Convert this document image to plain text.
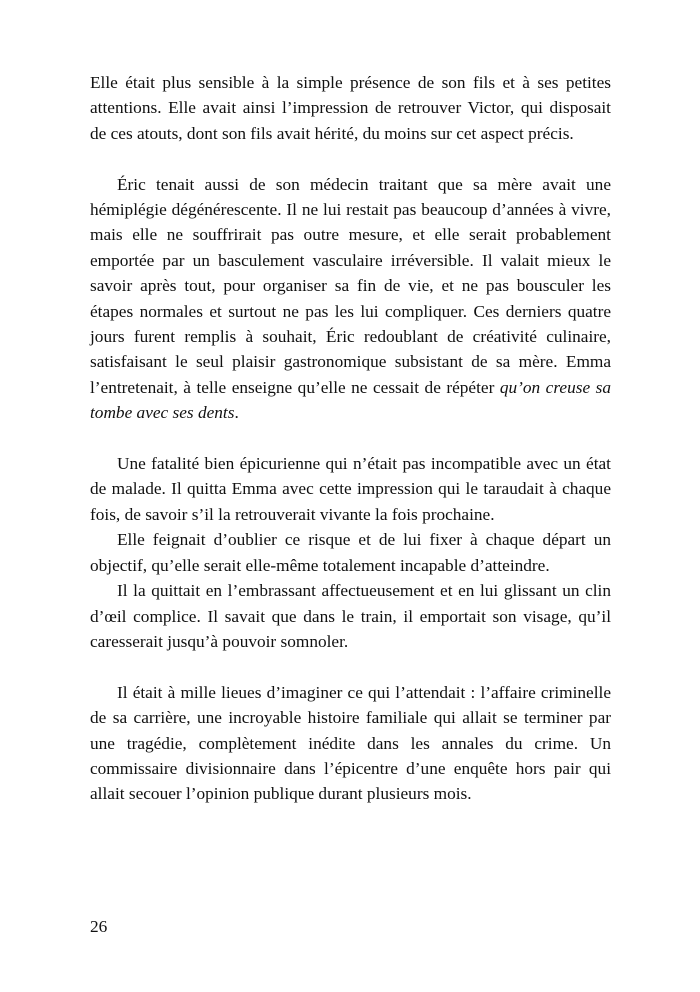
Elle était plus sensible à la simple présence de son fils et à ses petites attentions. Elle avait ainsi l’impression de retrouver Victor, qui disposait de ces atouts, dont son fils avait hérité, du moins sur cet aspect précis.

Éric tenait aussi de son médecin traitant que sa mère avait une hémiplégie dégénérescente. Il ne lui restait pas beaucoup d’années à vivre, mais elle ne souffrirait pas outre mesure, et elle serait probablement emportée par un basculement vasculaire irréversible. Il valait mieux le savoir après tout, pour organiser sa fin de vie, et ne pas bousculer les étapes normales et surtout ne pas les lui compliquer. Ces derniers quatre jours furent remplis à souhait, Éric redoublant de créativité culinaire, satisfaisant le seul plaisir gastronomique subsistant de sa mère. Emma l’entretenait, à telle enseigne qu’elle ne cessait de répéter qu’on creuse sa tombe avec ses dents.

Une fatalité bien épicurienne qui n’était pas incompatible avec un état de malade. Il quitta Emma avec cette impression qui le taraudait à chaque fois, de savoir s’il la retrouverait vivante la fois prochaine.

Elle feignait d’oublier ce risque et de lui fixer à chaque départ un objectif, qu’elle serait elle-même totalement incapable d’atteindre.

Il la quittait en l’embrassant affectueusement et en lui glissant un clin d’œil complice. Il savait que dans le train, il emportait son visage, qu’il caresserait jusqu’à pouvoir somnoler.

Il était à mille lieues d’imaginer ce qui l’attendait : l’affaire criminelle de sa carrière, une incroyable histoire familiale qui allait se terminer par une tragédie, complètement inédite dans les annales du crime. Un commissaire divisionnaire dans l’épicentre d’une enquête hors pair qui allait secouer l’opinion publique durant plusieurs mois.

26
